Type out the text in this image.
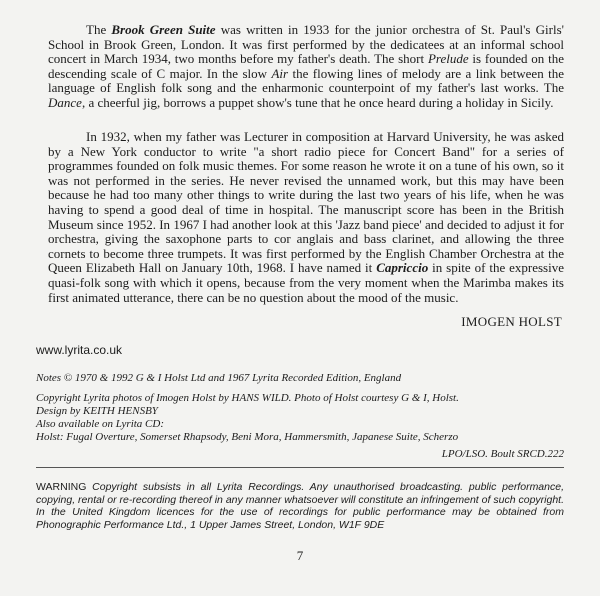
The Brook Green Suite was written in 1933 for the junior orchestra of St. Paul's Girls' School in Brook Green, London. It was first performed by the dedicatees at an informal school concert in March 1934, two months before my father's death. The short Prelude is founded on the descending scale of C major. In the slow Air the flowing lines of melody are a link between the language of English folk song and the enharmonic counterpoint of my father's last works. The Dance, a cheerful jig, borrows a puppet show's tune that he once heard during a holiday in Sicily.

In 1932, when my father was Lecturer in composition at Harvard University, he was asked by a New York conductor to write "a short radio piece for Concert Band" for a series of programmes founded on folk music themes. For some reason he wrote it on a tune of his own, so it was not performed in the series. He never revised the unnamed work, but this may have been because he had too many other things to write during the last two years of his life, when he was having to spend a good deal of time in hospital. The manuscript score has been in the British Museum since 1952. In 1967 I had another look at this 'Jazz band piece' and decided to adjust it for orchestra, giving the saxophone parts to cor anglais and bass clarinet, and allowing the three cornets to become three trumpets. It was first performed by the English Chamber Orchestra at the Queen Elizabeth Hall on January 10th, 1968. I have named it Capriccio in spite of the expressive quasi-folk song with which it opens, because from the very moment when the Marimba makes its first animated utterance, there can be no question about the mood of the music.

IMOGEN HOLST
www.lyrita.co.uk
Notes © 1970 & 1992 G & I Holst Ltd and 1967 Lyrita Recorded Edition, England
Copyright Lyrita photos of Imogen Holst by HANS WILD. Photo of Holst courtesy G & I, Holst.
Design by KEITH HENSBY
Also available on Lyrita CD:
Holst: Fugal Overture, Somerset Rhapsody, Beni Mora, Hammersmith, Japanese Suite, Scherzo
LPO/LSO. Boult SRCD.222

WARNING Copyright subsists in all Lyrita Recordings. Any unauthorised broadcasting. public performance, copying, rental or re-recording thereof in any manner whatsoever will constitute an infringement of such copyright. In the United Kingdom licences for the use of recordings for public performance may be obtained from Phonographic Performance Ltd., 1 Upper James Street, London, W1F 9DE

7
